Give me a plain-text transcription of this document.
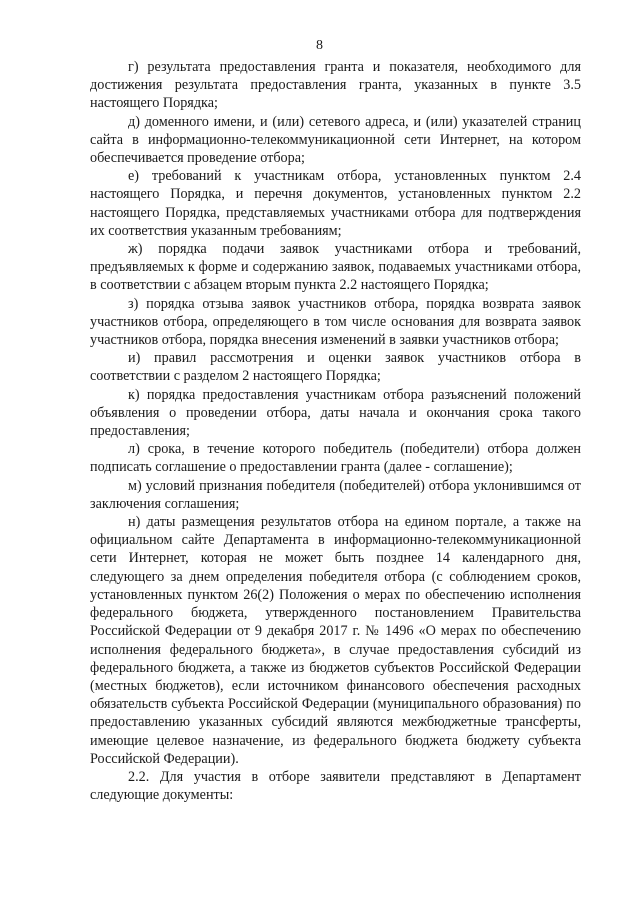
8

г) результата предоставления гранта и показателя, необходимого для достижения результата предоставления гранта, указанных в пункте 3.5 настоящего Порядка;

д) доменного имени, и (или) сетевого адреса, и (или) указателей страниц сайта в информационно-телекоммуникационной сети Интернет, на котором обеспечивается проведение отбора;

е) требований к участникам отбора, установленных пунктом 2.4 настоящего Порядка, и перечня документов, установленных пунктом 2.2 настоящего Порядка, представляемых участниками отбора для подтверждения их соответствия указанным требованиям;

ж) порядка подачи заявок участниками отбора и требований, предъявляемых к форме и содержанию заявок, подаваемых участниками отбора, в соответствии с абзацем вторым пункта 2.2 настоящего Порядка;

з) порядка отзыва заявок участников отбора, порядка возврата заявок участников отбора, определяющего в том числе основания для возврата заявок участников отбора, порядка внесения изменений в заявки участников отбора;

и) правил рассмотрения и оценки заявок участников отбора в соответствии с разделом 2 настоящего Порядка;

к) порядка предоставления участникам отбора разъяснений положений объявления о проведении отбора, даты начала и окончания срока такого предоставления;

л) срока, в течение которого победитель (победители) отбора должен подписать соглашение о предоставлении гранта (далее - соглашение);

м) условий признания победителя (победителей) отбора уклонившимся от заключения соглашения;

н) даты размещения результатов отбора на едином портале, а также на официальном сайте Департамента в информационно-телекоммуникационной сети Интернет, которая не может быть позднее 14 календарного дня, следующего за днем определения победителя отбора (с соблюдением сроков, установленных пунктом 26(2) Положения о мерах по обеспечению исполнения федерального бюджета, утвержденного постановлением Правительства Российской Федерации от 9 декабря 2017 г. № 1496 «О мерах по обеспечению исполнения федерального бюджета», в случае предоставления субсидий из федерального бюджета, а также из бюджетов субъектов Российской Федерации (местных бюджетов), если источником финансового обеспечения расходных обязательств субъекта Российской Федерации (муниципального образования) по предоставлению указанных субсидий являются межбюджетные трансферты, имеющие целевое назначение, из федерального бюджета бюджету субъекта Российской Федерации).

2.2. Для участия в отборе заявители представляют в Департамент следующие документы:
